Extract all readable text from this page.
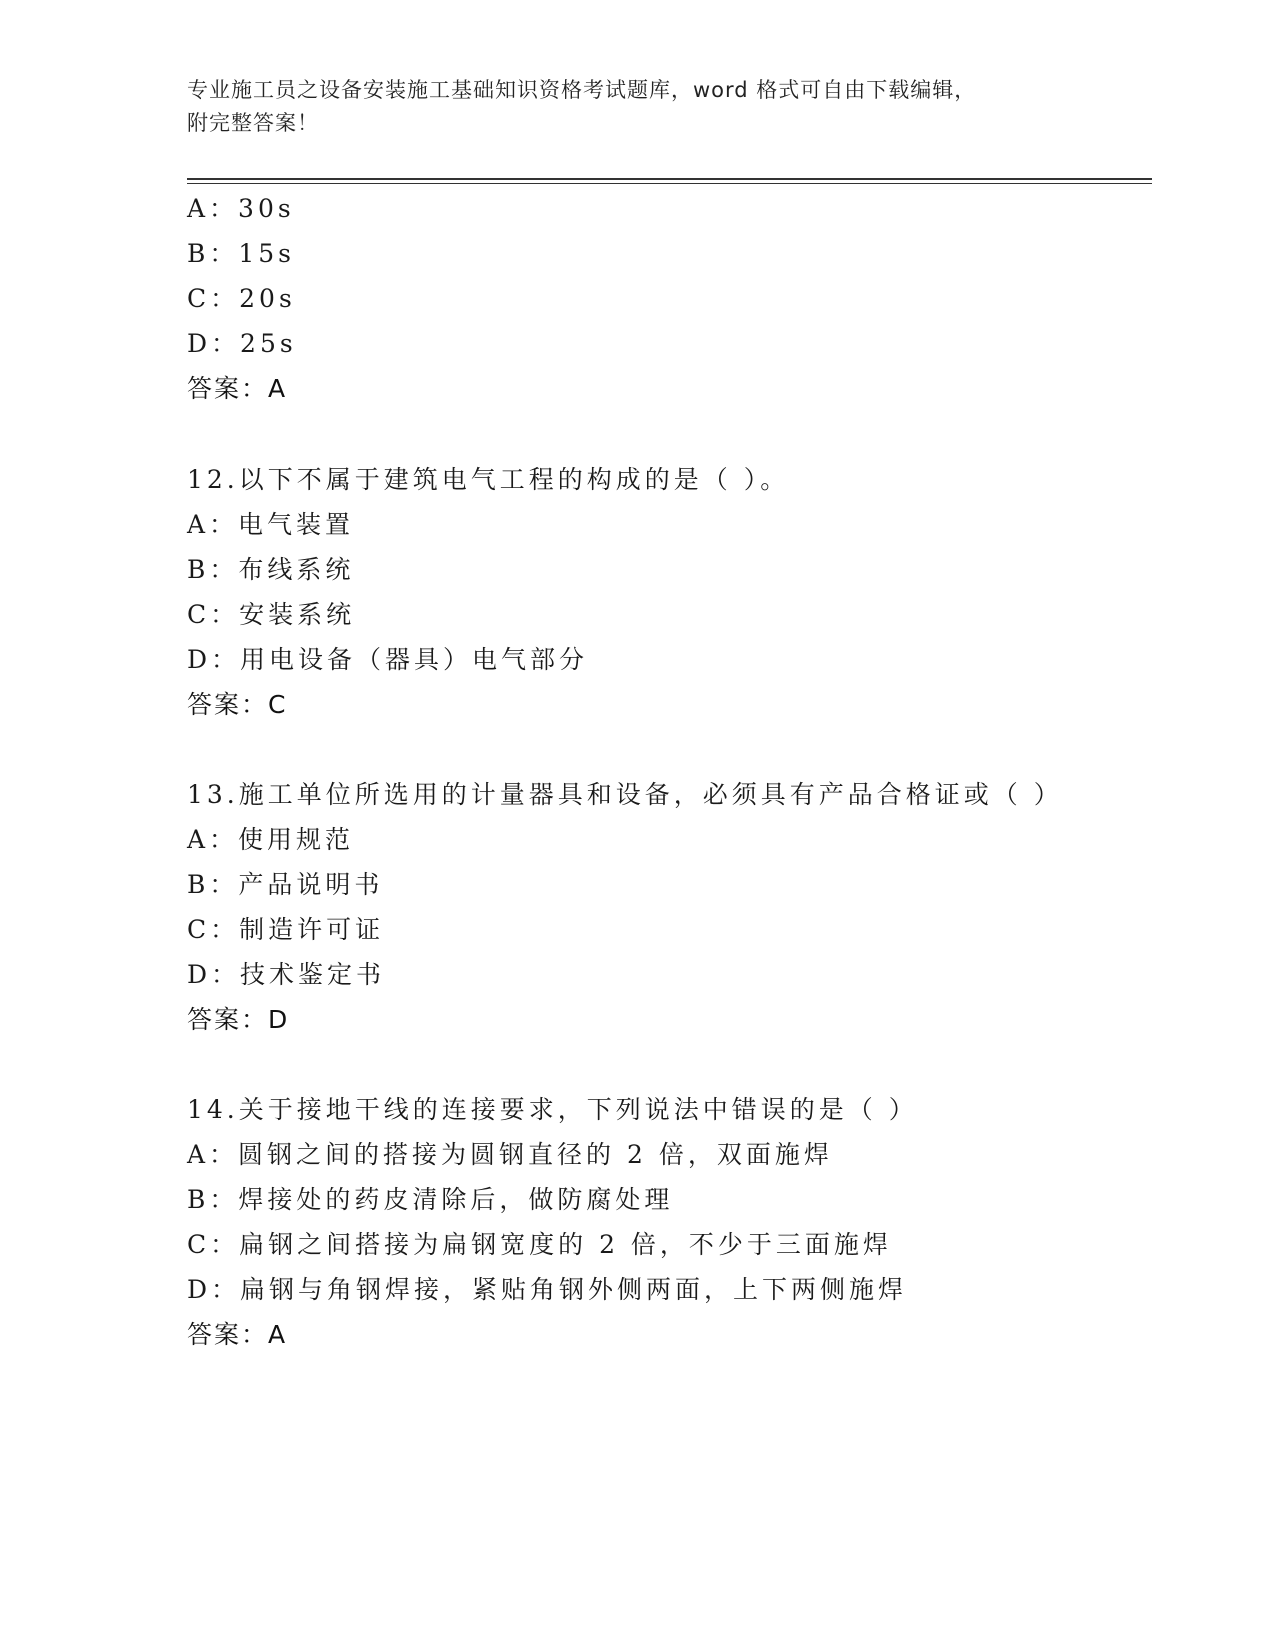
专业施工员之设备安装施工基础知识资格考试题库，word 格式可自由下载编辑，
附完整答案！
A：30s
B：15s
C：20s
D：25s
答案：A
12.以下不属于建筑电气工程的构成的是（ ）。
A：电气装置
B：布线系统
C：安装系统
D：用电设备（器具）电气部分
答案：C
13.施工单位所选用的计量器具和设备，必须具有产品合格证或（ ）
A：使用规范
B：产品说明书
C：制造许可证
D：技术鉴定书
答案：D
14.关于接地干线的连接要求，下列说法中错误的是（ ）
A：圆钢之间的搭接为圆钢直径的 2 倍，双面施焊
B：焊接处的药皮清除后，做防腐处理
C：扁钢之间搭接为扁钢宽度的 2 倍，不少于三面施焊
D：扁钢与角钢焊接，紧贴角钢外侧两面，上下两侧施焊
答案：A
